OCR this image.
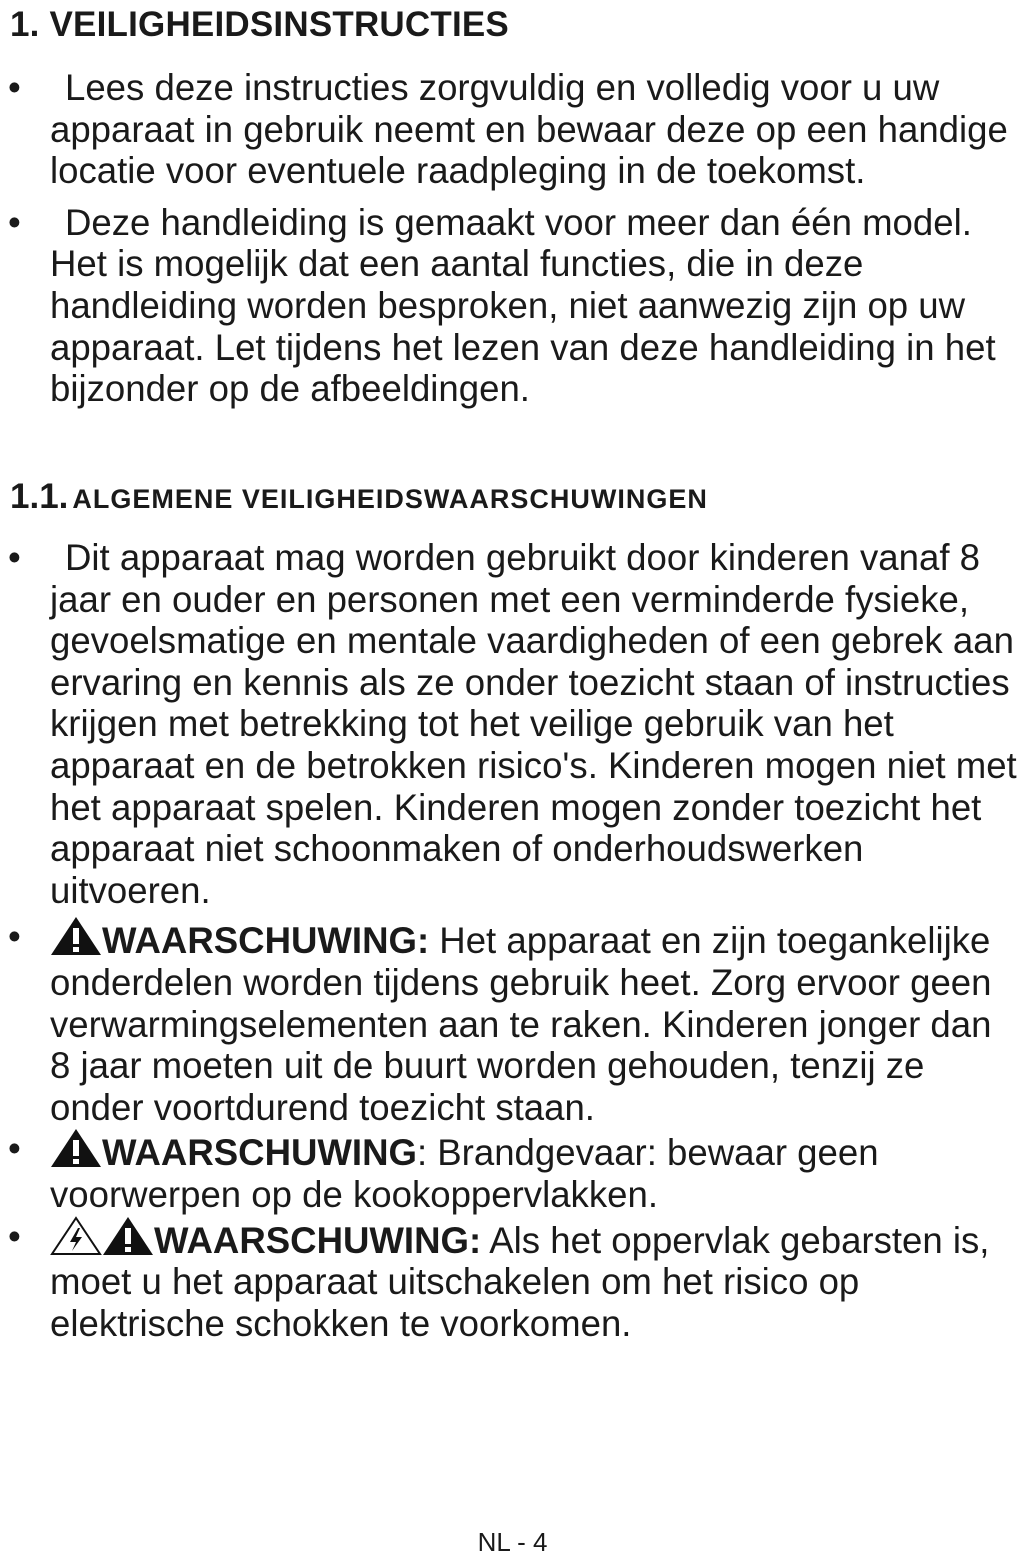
1. VEILIGHEIDSINSTRUCTIES
•	Lees deze instructies zorgvuldig en volledig voor u uw apparaat in gebruik neemt en bewaar deze op een handige locatie voor eventuele raadpleging in de toekomst.
•	Deze handleiding is gemaakt voor meer dan één model. Het is mogelijk dat een aantal functies, die in deze handleiding worden besproken, niet aanwezig zijn op uw apparaat. Let tijdens het lezen van deze handleiding in het bijzonder op de afbeeldingen.
1.1. ALGEMENE VEILIGHEIDSWAARSCHUWINGEN
•	Dit apparaat mag worden gebruikt door kinderen vanaf 8 jaar en ouder en personen met een verminderde fysieke, gevoelsmatige en mentale vaardigheden of een gebrek aan ervaring en kennis als ze onder toezicht staan of instructies krijgen met betrekking tot het veilige gebruik van het apparaat en de betrokken risico's. Kinderen mogen niet met het apparaat spelen. Kinderen mogen zonder toezicht het apparaat niet schoonmaken of onderhoudswerken uitvoeren.
•	WAARSCHUWING: Het apparaat en zijn toegankelijke onderdelen worden tijdens gebruik heet. Zorg ervoor geen verwarmingselementen aan te raken. Kinderen jonger dan 8 jaar moeten uit de buurt worden gehouden, tenzij ze onder voortdurend toezicht staan.
•	WAARSCHUWING: Brandgevaar: bewaar geen voorwerpen op de kookoppervlakken.
•	WAARSCHUWING: Als het oppervlak gebarsten is, moet u het apparaat uitschakelen om het risico op elektrische schokken te voorkomen.
NL - 4
